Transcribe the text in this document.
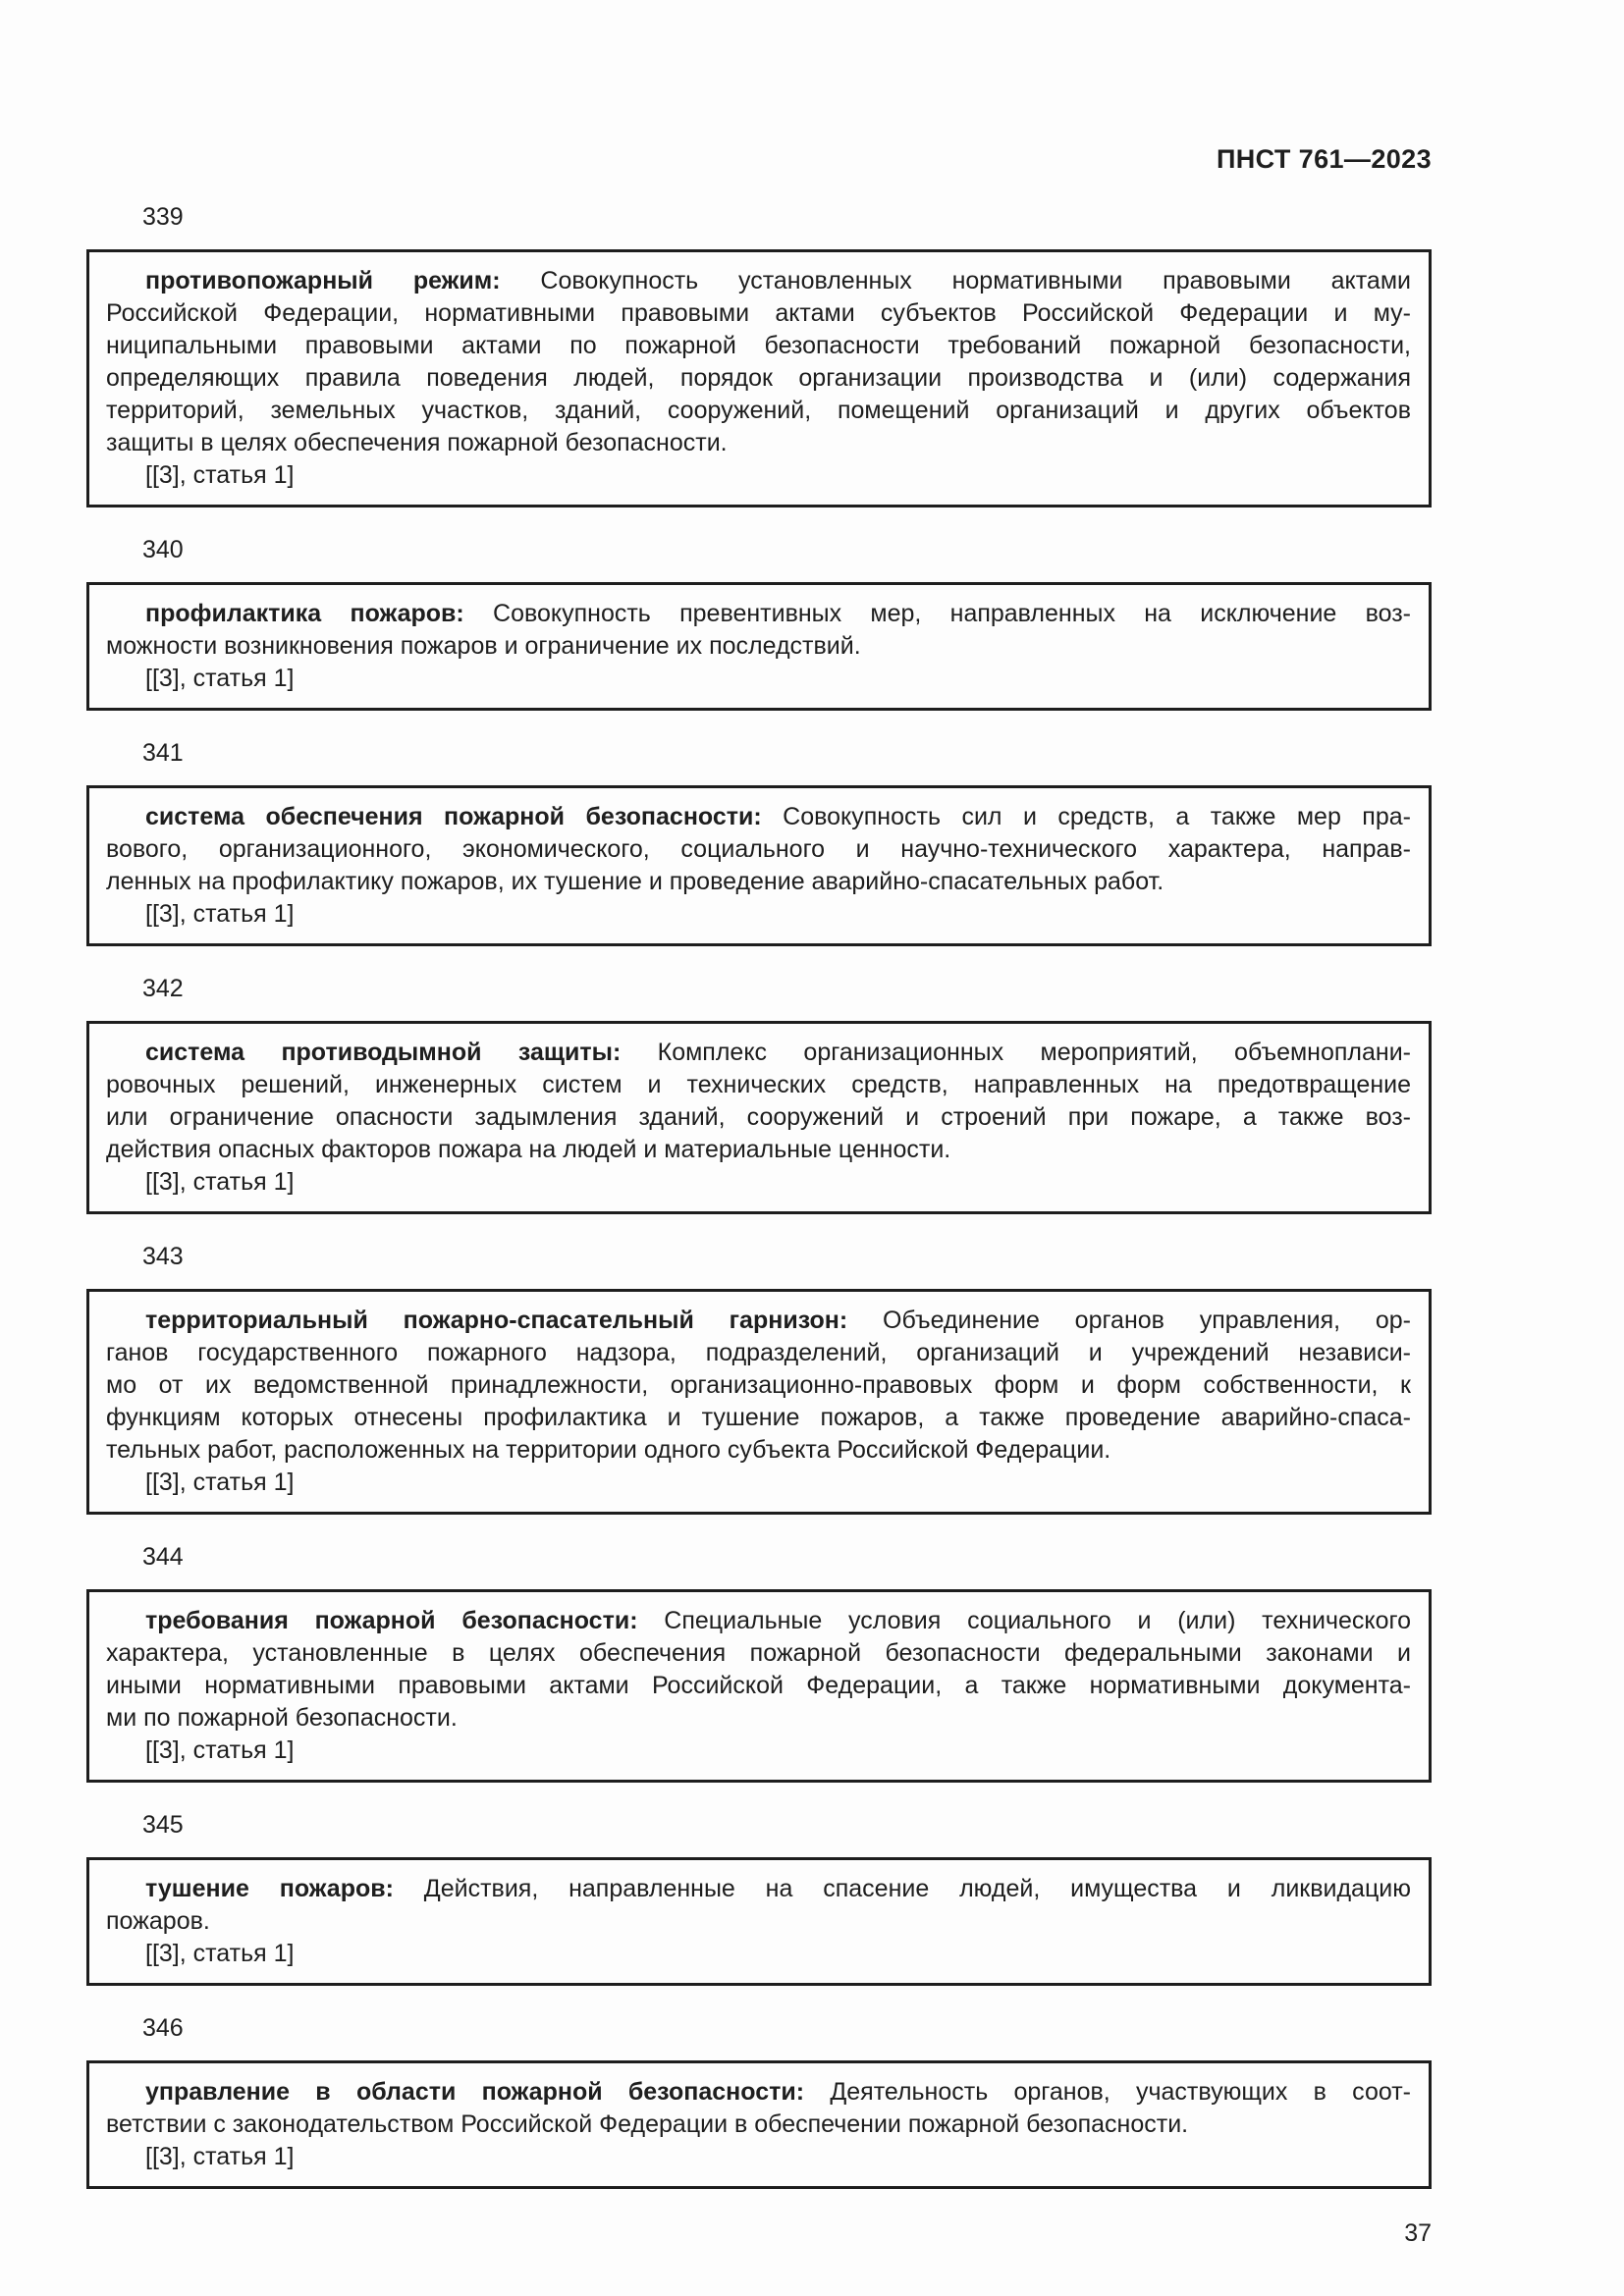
ПНСТ 761—2023
339
противопожарный режим: Совокупность установленных нормативными правовыми актами
Российской Федерации, нормативными правовыми актами субъектов Российской Федерации и му-
ниципальными правовыми актами по пожарной безопасности требований пожарной безопасности,
определяющих правила поведения людей, порядок организации производства и (или) содержания
территорий, земельных участков, зданий, сооружений, помещений организаций и других объектов
защиты в целях обеспечения пожарной безопасности.
[[3], статья 1]
340
профилактика пожаров: Совокупность превентивных мер, направленных на исключение воз-
можности возникновения пожаров и ограничение их последствий.
[[3], статья 1]
341
система обеспечения пожарной безопасности: Совокупность сил и средств, а также мер пра-
вового, организационного, экономического, социального и научно-технического характера, направ-
ленных на профилактику пожаров, их тушение и проведение аварийно-спасательных работ.
[[3], статья 1]
342
система противодымной защиты: Комплекс организационных мероприятий, объемноплани-
ровочных решений, инженерных систем и технических средств, направленных на предотвращение
или ограничение опасности задымления зданий, сооружений и строений при пожаре, а также воз-
действия опасных факторов пожара на людей и материальные ценности.
[[3], статья 1]
343
территориальный пожарно-спасательный гарнизон: Объединение органов управления, ор-
ганов государственного пожарного надзора, подразделений, организаций и учреждений независи-
мо от их ведомственной принадлежности, организационно-правовых форм и форм собственности, к
функциям которых отнесены профилактика и тушение пожаров, а также проведение аварийно-спаса-
тельных работ, расположенных на территории одного субъекта Российской Федерации.
[[3], статья 1]
344
требования пожарной безопасности: Специальные условия социального и (или) технического
характера, установленные в целях обеспечения пожарной безопасности федеральными законами и
иными нормативными правовыми актами Российской Федерации, а также нормативными документа-
ми по пожарной безопасности.
[[3], статья 1]
345
тушение пожаров: Действия, направленные на спасение людей, имущества и ликвидацию
пожаров.
[[3], статья 1]
346
управление в области пожарной безопасности: Деятельность органов, участвующих в соот-
ветствии с законодательством Российской Федерации в обеспечении пожарной безопасности.
[[3], статья 1]
37
